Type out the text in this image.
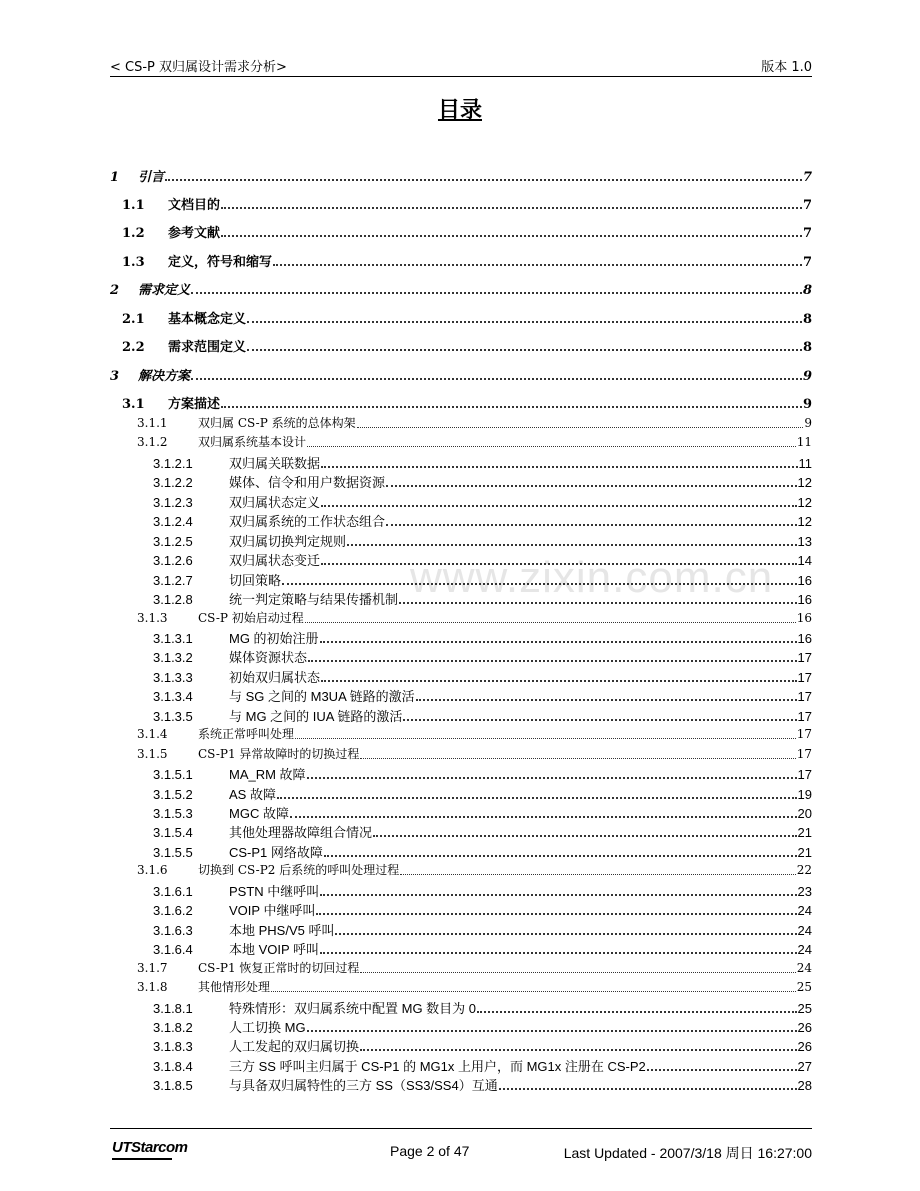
< CS-P 双归属设计需求分析>	版本 1.0
目录
www.zixin.com.cn
1	引言	7
1.1	文档目的	7
1.2	参考文献	7
1.3	定义，符号和缩写	7
2	需求定义	8
2.1	基本概念定义	8
2.2	需求范围定义	8
3	解决方案	9
3.1	方案描述	9
3.1.1	双归属 CS-P 系统的总体构架	9
3.1.2	双归属系统基本设计	11
3.1.2.1	双归属关联数据	11
3.1.2.2	媒体、信令和用户数据资源	12
3.1.2.3	双归属状态定义	12
3.1.2.4	双归属系统的工作状态组合	12
3.1.2.5	双归属切换判定规则	13
3.1.2.6	双归属状态变迁	14
3.1.2.7	切回策略	16
3.1.2.8	统一判定策略与结果传播机制	16
3.1.3	CS-P 初始启动过程	16
3.1.3.1	MG 的初始注册	16
3.1.3.2	媒体资源状态	17
3.1.3.3	初始双归属状态	17
3.1.3.4	与 SG 之间的 M3UA 链路的激活	17
3.1.3.5	与 MG 之间的 IUA 链路的激活	17
3.1.4	系统正常呼叫处理	17
3.1.5	CS-P1 异常故障时的切换过程	17
3.1.5.1	MA_RM 故障	17
3.1.5.2	AS 故障	19
3.1.5.3	MGC 故障	20
3.1.5.4	其他处理器故障组合情况	21
3.1.5.5	CS-P1 网络故障	21
3.1.6	切换到 CS-P2 后系统的呼叫处理过程	22
3.1.6.1	PSTN 中继呼叫	23
3.1.6.2	VOIP 中继呼叫	24
3.1.6.3	本地 PHS/V5 呼叫	24
3.1.6.4	本地 VOIP 呼叫	24
3.1.7	CS-P1 恢复正常时的切回过程	24
3.1.8	其他情形处理	25
3.1.8.1	特殊情形：双归属系统中配置 MG 数目为 0	25
3.1.8.2	人工切换 MG	26
3.1.8.3	人工发起的双归属切换	26
3.1.8.4	三方 SS 呼叫主归属于 CS-P1 的 MG1x 上用户，而 MG1x 注册在 CS-P2	27
3.1.8.5	与具备双归属特性的三方 SS（SS3/SS4）互通	28
UTStarcom	Page 2 of 47	Last Updated - 2007/3/18 周日 16:27:00
